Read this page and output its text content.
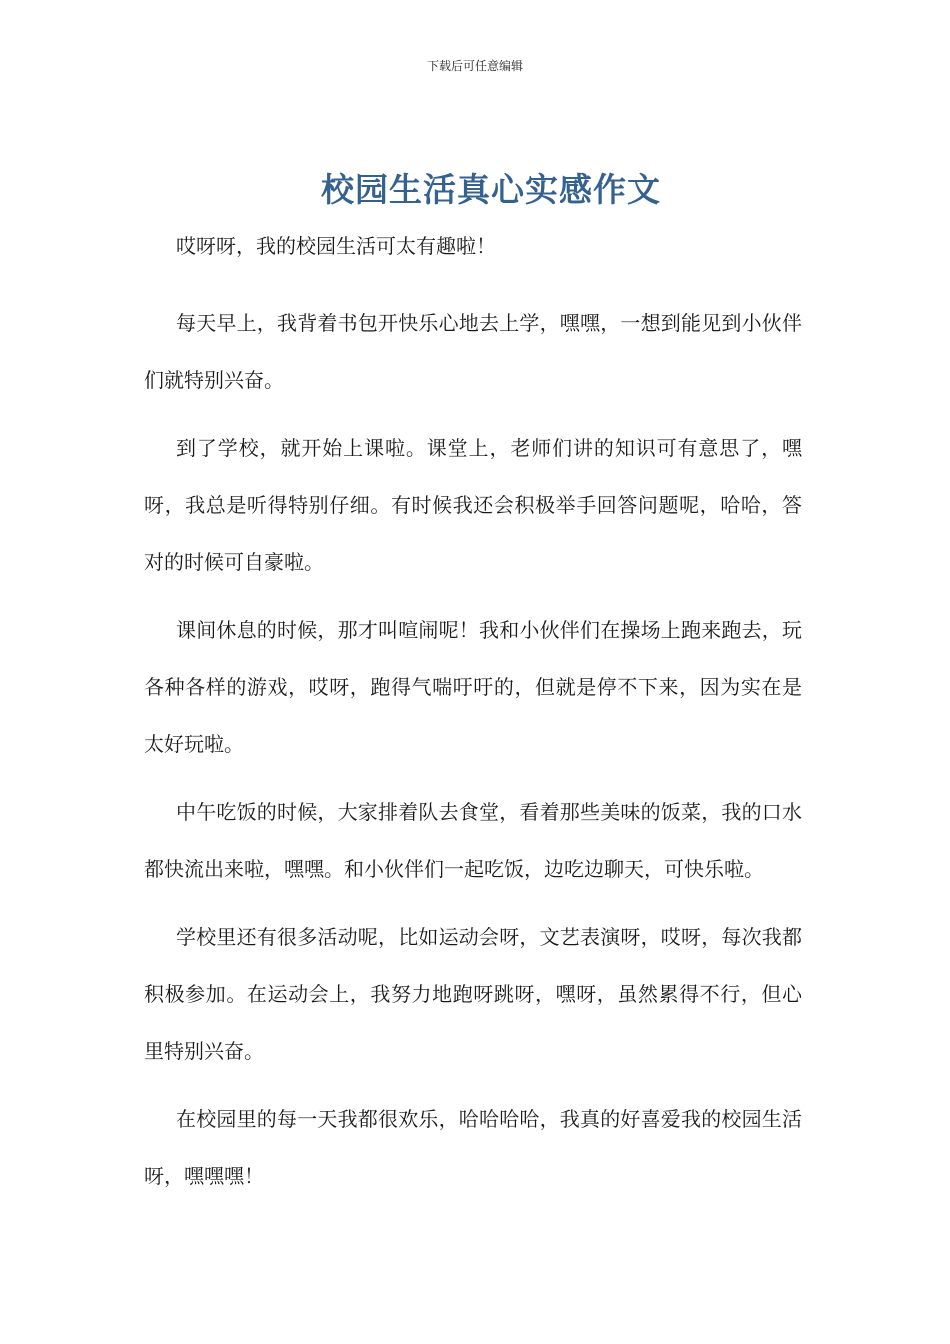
下载后可任意编辑
校园生活真心实感作文

哎呀呀，我的校园生活可太有趣啦！

每天早上，我背着书包开快乐心地去上学，嘿嘿，一想到能见到小伙伴们就特别兴奋。

到了学校，就开始上课啦。课堂上，老师们讲的知识可有意思了，嘿呀，我总是听得特别仔细。有时候我还会积极举手回答问题呢，哈哈，答对的时候可自豪啦。

课间休息的时候，那才叫喧闹呢！我和小伙伴们在操场上跑来跑去，玩各种各样的游戏，哎呀，跑得气喘吁吁的，但就是停不下来，因为实在是太好玩啦。

中午吃饭的时候，大家排着队去食堂，看着那些美味的饭菜，我的口水都快流出来啦，嘿嘿。和小伙伴们一起吃饭，边吃边聊天，可快乐啦。

学校里还有很多活动呢，比如运动会呀，文艺表演呀，哎呀，每次我都积极参加。在运动会上，我努力地跑呀跳呀，嘿呀，虽然累得不行，但心里特别兴奋。

在校园里的每一天我都很欢乐，哈哈哈哈，我真的好喜爱我的校园生活呀，嘿嘿嘿！
